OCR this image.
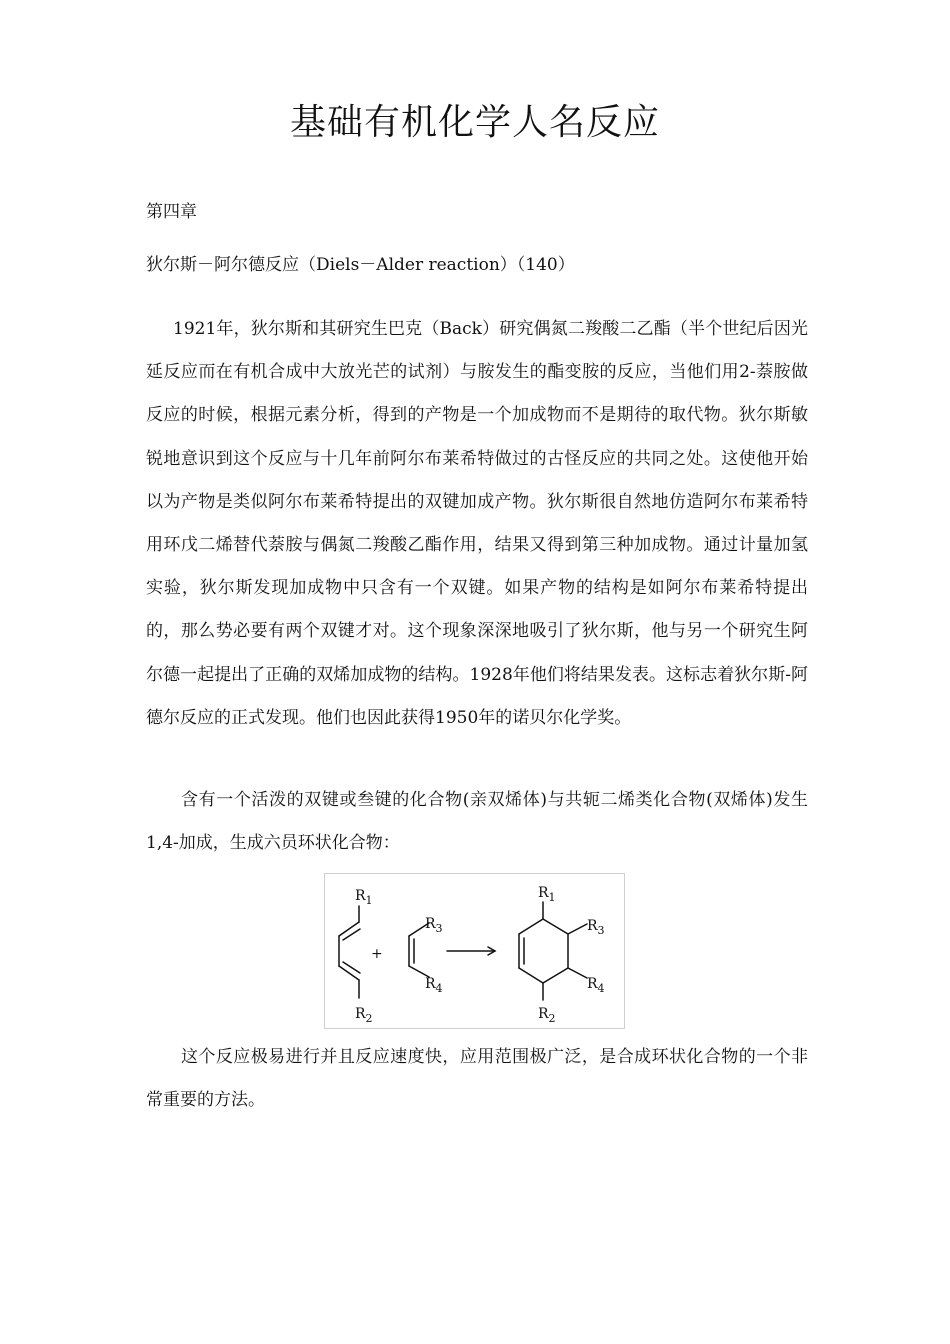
基础有机化学人名反应
第四章
狄尔斯－阿尔德反应（Diels－Alder reaction）（140）
1921年，狄尔斯和其研究生巴克（Back）研究偶氮二羧酸二乙酯（半个世纪后因光延反应而在有机合成中大放光芒的试剂）与胺发生的酯变胺的反应，当他们用2-萘胺做反应的时候，根据元素分析，得到的产物是一个加成物而不是期待的取代物。狄尔斯敏锐地意识到这个反应与十几年前阿尔布莱希特做过的古怪反应的共同之处。这使他开始以为产物是类似阿尔布莱希特提出的双键加成产物。狄尔斯很自然地仿造阿尔布莱希特用环戊二烯替代萘胺与偶氮二羧酸乙酯作用，结果又得到第三种加成物。通过计量加氢实验，狄尔斯发现加成物中只含有一个双键。如果产物的结构是如阿尔布莱希特提出的，那么势必要有两个双键才对。这个现象深深地吸引了狄尔斯，他与另一个研究生阿尔德一起提出了正确的双烯加成物的结构。1928年他们将结果发表。这标志着狄尔斯-阿德尔反应的正式发现。他们也因此获得1950年的诺贝尔化学奖。
含有一个活泼的双键或叁键的化合物(亲双烯体)与共轭二烯类化合物(双烯体)发生1,4-加成，生成六员环状化合物：
+
$R_1$
$R_2$
$R_3$
$R_4$
$R_1$
$R_3$
$R_4$
$R_2$
这个反应极易进行并且反应速度快，应用范围极广泛，是合成环状化合物的一个非常重要的方法。
